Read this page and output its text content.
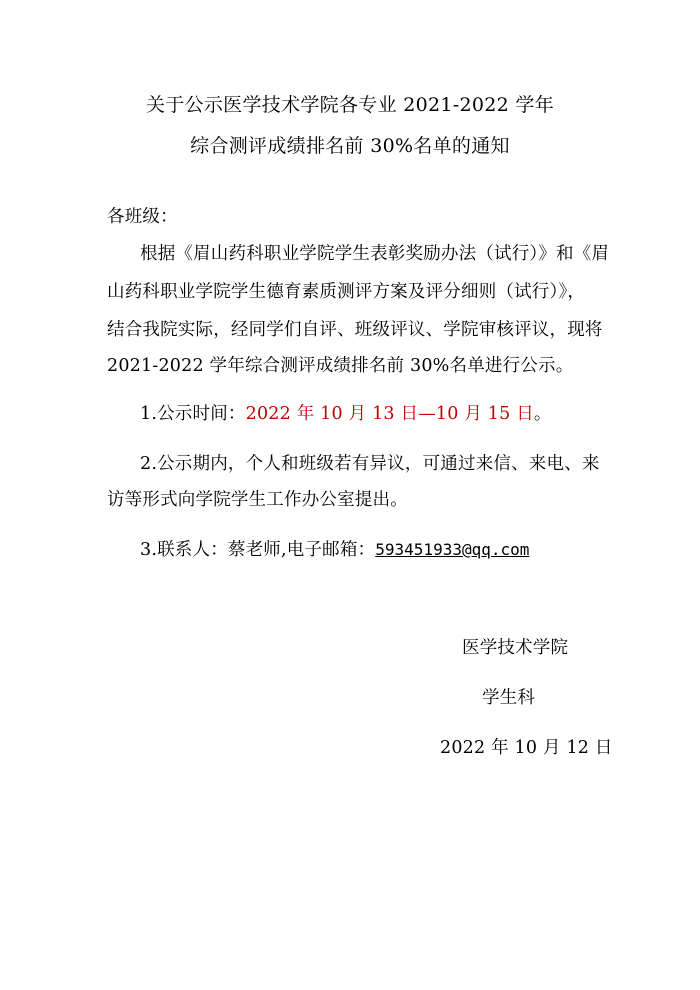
关于公示医学技术学院各专业 2021-2022 学年
综合测评成绩排名前 30%名单的通知
各班级：
根据《眉山药科职业学院学生表彰奖励办法（试行）》和《眉
山药科职业学院学生德育素质测评方案及评分细则（试行）》，
结合我院实际，经同学们自评、班级评议、学院审核评议，现将
2021-2022 学年综合测评成绩排名前 30%名单进行公示。
1.公示时间：2022 年 10 月 13 日—10 月 15 日。
2.公示期内，个人和班级若有异议，可通过来信、来电、来
访等形式向学院学生工作办公室提出。
3.联系人：蔡老师,电子邮箱：593451933@qq.com
医学技术学院
学生科
2022 年 10 月 12 日
